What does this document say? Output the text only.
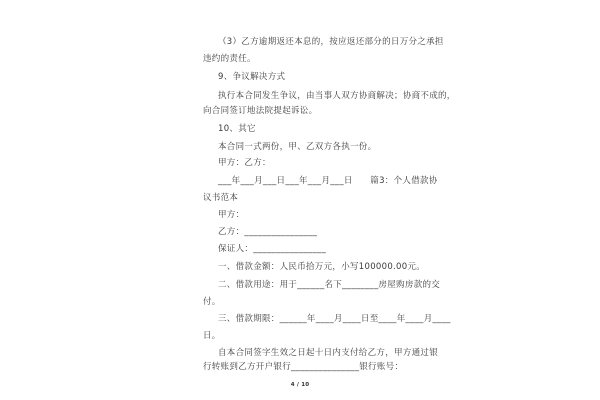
（3）乙方逾期返还本息的，按应返还部分的日万分之承担
违约的责任。
9、争议解决方式
执行本合同发生争议，由当事人双方协商解决；协商不成的，
向合同签订地法院提起诉讼。
10、其它
本合同一式两份，甲、乙双方各执一份。
甲方：乙方：
___年___月___日___年___月___日　　篇3：个人借款协
议书范本
甲方：
乙方：________________
保证人：________________
一、借款金额：人民币拾万元，小写100000.00元。
二、借款用途：用于______名下________房屋购房款的交
付。
三、借款期限：______年____月____日至____年____月____
日。
自本合同签字生效之日起十日内支付给乙方，甲方通过银
行转账到乙方开户银行_______________银行账号：
4 / 10
